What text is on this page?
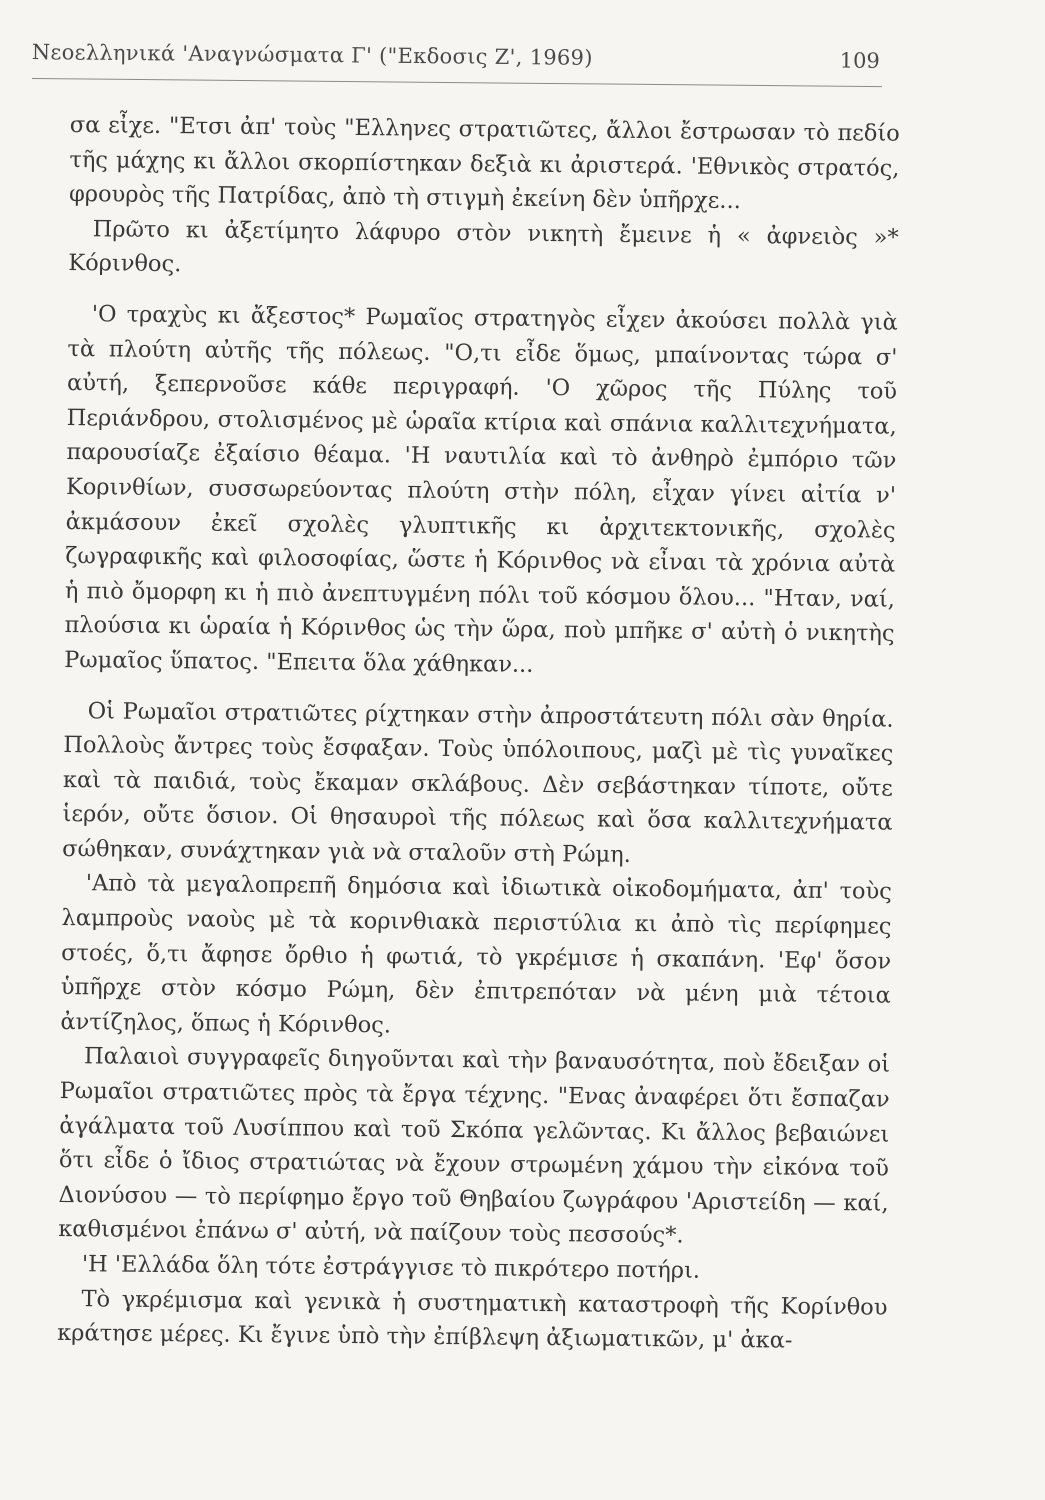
Νεοελληνικά 'Αναγνώσματα Γ' ("Εκδοσις Ζ', 1969)	109

σα εἶχε. "Ετσι ἀπ' τοὺς "Ελληνες στρατιῶτες, ἄλλοι ἔστρωσαν τὸ πεδίο τῆς μάχης κι ἄλλοι σκορπίστηκαν δεξιὰ κι ἀριστερά. 'Εθνικὸς στρατός, φρουρὸς τῆς Πατρίδας, ἀπὸ τὴ στιγμὴ ἐκείνη δὲν ὑπῆρχε...

Πρῶτο κι ἀξετίμητο λάφυρο στὸν νικητὴ ἔμεινε ἡ « ἀφνειὸς »* Κόρινθος.

'Ο τραχὺς κι ἄξεστος* Ρωμαῖος στρατηγὸς εἶχεν ἀκούσει πολλὰ γιὰ τὰ πλούτη αὐτῆς τῆς πόλεως. "Ο,τι εἶδε ὅμως, μπαίνοντας τώρα σ' αὐτή, ξεπερνοῦσε κάθε περιγραφή. 'Ο χῶρος τῆς Πύλης τοῦ Περιάνδρου, στολισμένος μὲ ὡραῖα κτίρια καὶ σπάνια καλλιτεχνήματα, παρουσίαζε ἐξαίσιο θέαμα. 'Η ναυτιλία καὶ τὸ ἀνθηρὸ ἐμπόριο τῶν Κορινθίων, συσσωρεύοντας πλούτη στὴν πόλη, εἶχαν γίνει αἰτία ν' ἀκμάσουν ἐκεῖ σχολὲς γλυπτικῆς κι ἀρχιτεκτονικῆς, σχολὲς ζωγραφικῆς καὶ φιλοσοφίας, ὥστε ἡ Κόρινθος νὰ εἶναι τὰ χρόνια αὐτὰ ἡ πιὸ ὄμορφη κι ἡ πιὸ ἀνεπτυγμένη πόλι τοῦ κόσμου ὅλου... "Ηταν, ναί, πλούσια κι ὡραία ἡ Κόρινθος ὡς τὴν ὥρα, ποὺ μπῆκε σ' αὐτὴ ὁ νικητὴς Ρωμαῖος ὕπατος. "Επειτα ὅλα χάθηκαν...

Οἱ Ρωμαῖοι στρατιῶτες ρίχτηκαν στὴν ἀπροστάτευτη πόλι σὰν θηρία. Πολλοὺς ἄντρες τοὺς ἔσφαξαν. Τοὺς ὑπόλοιπους, μαζὶ μὲ τὶς γυναῖκες καὶ τὰ παιδιά, τοὺς ἔκαμαν σκλάβους. Δὲν σεβάστηκαν τίποτε, οὔτε ἱερόν, οὔτε ὅσιον. Οἱ θησαυροὶ τῆς πόλεως καὶ ὅσα καλλιτεχνήματα σώθηκαν, συνάχτηκαν γιὰ νὰ σταλοῦν στὴ Ρώμη.

'Απὸ τὰ μεγαλοπρεπῆ δημόσια καὶ ἰδιωτικὰ οἰκοδομήματα, ἀπ' τοὺς λαμπροὺς ναοὺς μὲ τὰ κορινθιακὰ περιστύλια κι ἀπὸ τὶς περίφημες στοές, ὅ,τι ἄφησε ὄρθιο ἡ φωτιά, τὸ γκρέμισε ἡ σκαπάνη. 'Εφ' ὅσον ὑπῆρχε στὸν κόσμο Ρώμη, δὲν ἐπιτρεπόταν νὰ μένη μιὰ τέτοια ἀντίζηλος, ὅπως ἡ Κόρινθος.

Παλαιοὶ συγγραφεῖς διηγοῦνται καὶ τὴν βαναυσότητα, ποὺ ἔδειξαν οἱ Ρωμαῖοι στρατιῶτες πρὸς τὰ ἔργα τέχνης. "Ενας ἀναφέρει ὅτι ἔσπαζαν ἀγάλματα τοῦ Λυσίππου καὶ τοῦ Σκόπα γελῶντας. Κι ἄλλος βεβαιώνει ὅτι εἶδε ὁ ἴδιος στρατιώτας νὰ ἔχουν στρωμένη χάμου τὴν εἰκόνα τοῦ Διονύσου — τὸ περίφημο ἔργο τοῦ Θηβαίου ζωγράφου 'Αριστείδη — καί, καθισμένοι ἐπάνω σ' αὐτή, νὰ παίζουν τοὺς πεσσούς*.

'Η 'Ελλάδα ὅλη τότε ἐστράγγισε τὸ πικρότερο ποτήρι.

Τὸ γκρέμισμα καὶ γενικὰ ἡ συστηματικὴ καταστροφὴ τῆς Κορίνθου κράτησε μέρες. Κι ἔγινε ὑπὸ τὴν ἐπίβλεψη ἀξιωματικῶν, μ' ἀκα-
